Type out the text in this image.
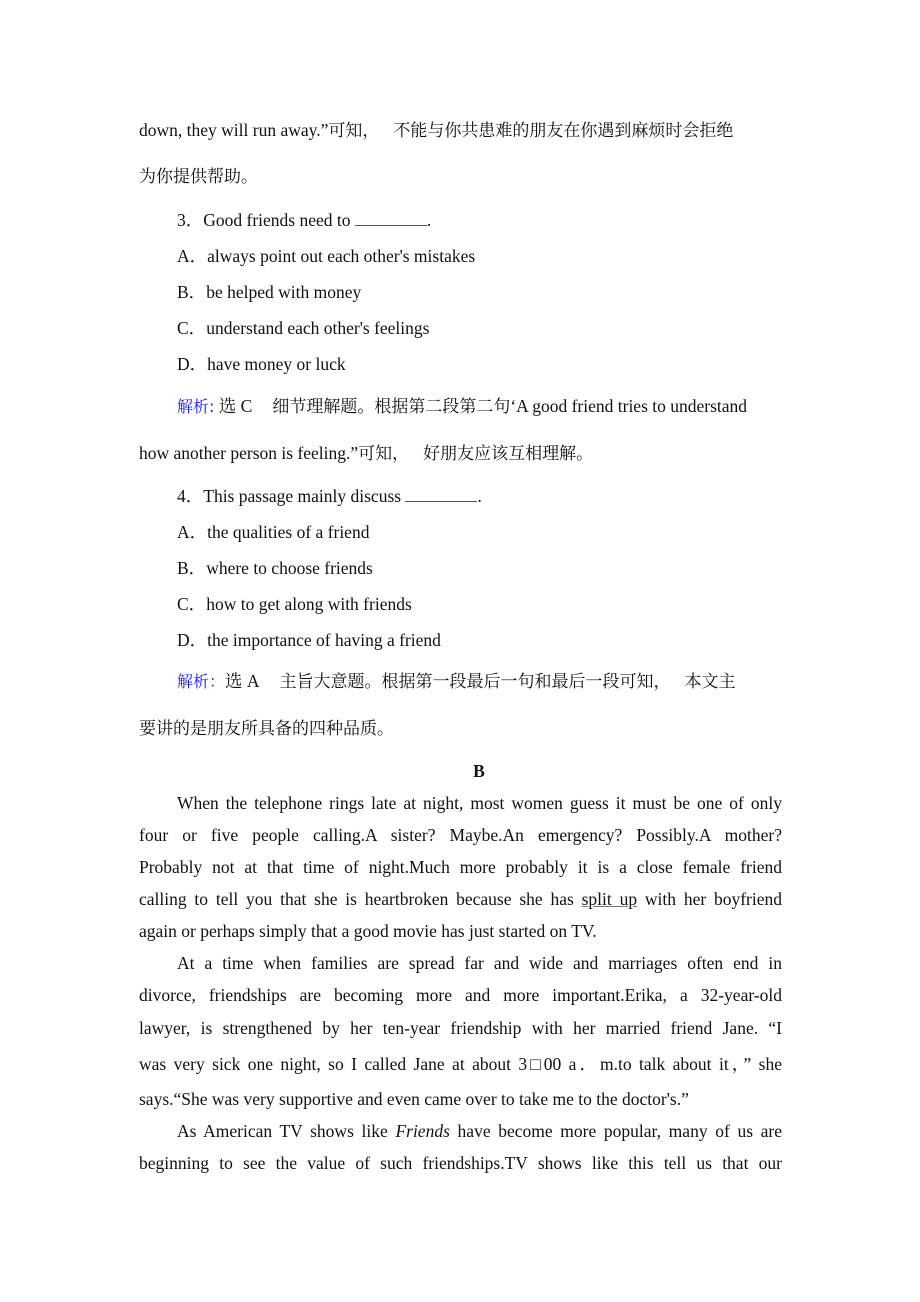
down, they will run away.”可知， 不能与你共患难的朋友在你遇到麻烦时会拒绝
为你提供帮助。
3．Good friends need to	.
A．always point out each other's mistakes
B．be helped with money
C．understand each other's feelings
D．have money or luck
解析: 选 C 细节理解题。根据第二段第二句‘A good friend tries to understand
how another person is feeling.”可知， 好朋友应该互相理解。
4．This passage mainly discuss	.
A．the qualities of a friend
B．where to choose friends
C．how to get along with friends
D．the importance of having a friend
解析：选 A 主旨大意题。根据第一段最后一句和最后一段可知， 本文主
要讲的是朋友所具备的四种品质。
B
When the telephone rings late at night, most women guess it must be one of only
four or five people calling.A sister? Maybe.An emergency? Possibly.A mother?
Probably not at that time of night.Much more probably it is a close female friend
calling to tell you that she is heartbroken because she has split up with her boyfriend
again or perhaps simply that a good movie has just started on TV.
At a time when families are spread far and wide and marriages often end in
divorce, friendships are becoming more and more important.Erika, a 32-year-old
lawyer, is strengthened by her ten-year friendship with her married friend Jane. “I
was very sick one night, so I called Jane at about 3□00 a．m.to talk about it，” she
says.“She was very supportive and even came over to take me to the doctor's.”
As American TV shows like Friends have become more popular, many of us are
beginning to see the value of such friendships.TV shows like this tell us that our
